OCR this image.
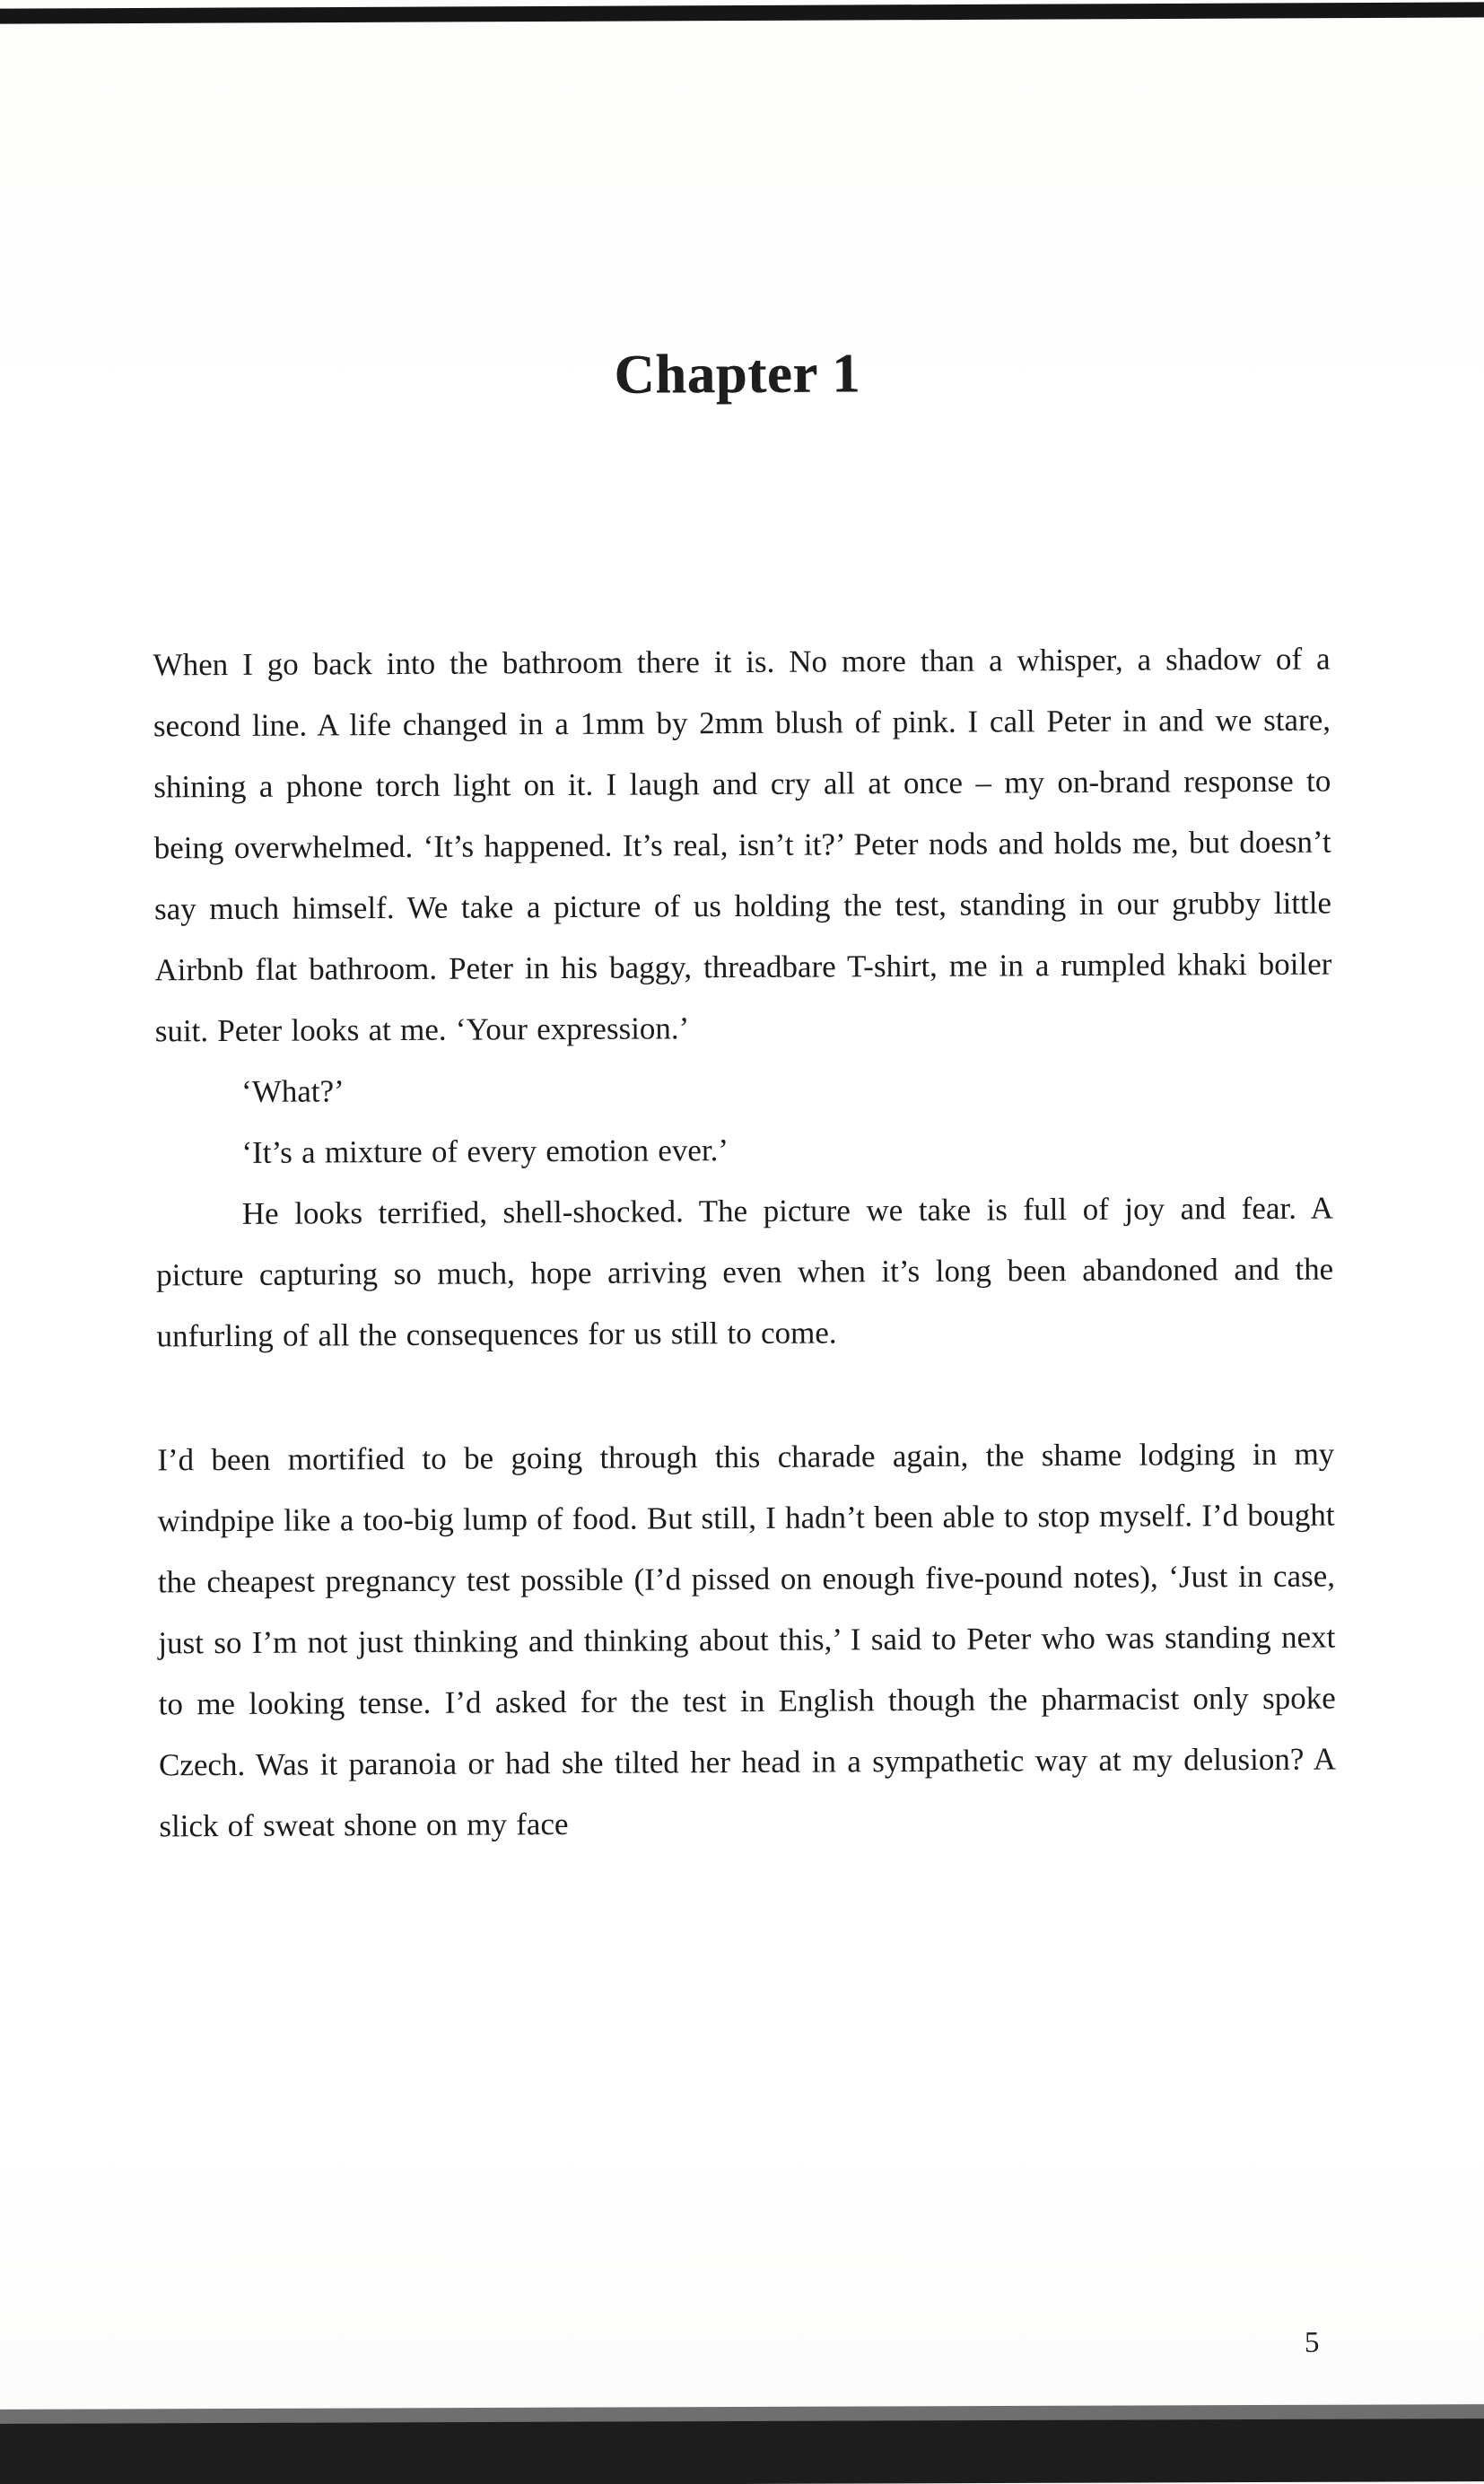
Chapter 1

When I go back into the bathroom there it is. No more than a whisper, a shadow of a second line. A life changed in a 1mm by 2mm blush of pink. I call Peter in and we stare, shining a phone torch light on it. I laugh and cry all at once – my on-brand response to being overwhelmed. ‘It’s happened. It’s real, isn’t it?’ Peter nods and holds me, but doesn’t say much himself. We take a picture of us holding the test, standing in our grubby little Airbnb flat bathroom. Peter in his baggy, threadbare T-shirt, me in a rumpled khaki boiler suit. Peter looks at me. ‘Your expression.’

‘What?’

‘It’s a mixture of every emotion ever.’

He looks terrified, shell-shocked. The picture we take is full of joy and fear. A picture capturing so much, hope arriving even when it’s long been abandoned and the unfurling of all the consequences for us still to come.

I’d been mortified to be going through this charade again, the shame lodging in my windpipe like a too-big lump of food. But still, I hadn’t been able to stop myself. I’d bought the cheapest pregnancy test possible (I’d pissed on enough five-pound notes), ‘Just in case, just so I’m not just thinking and thinking about this,’ I said to Peter who was standing next to me looking tense. I’d asked for the test in English though the pharmacist only spoke Czech. Was it paranoia or had she tilted her head in a sympathetic way at my delusion? A slick of sweat shone on my face

5
